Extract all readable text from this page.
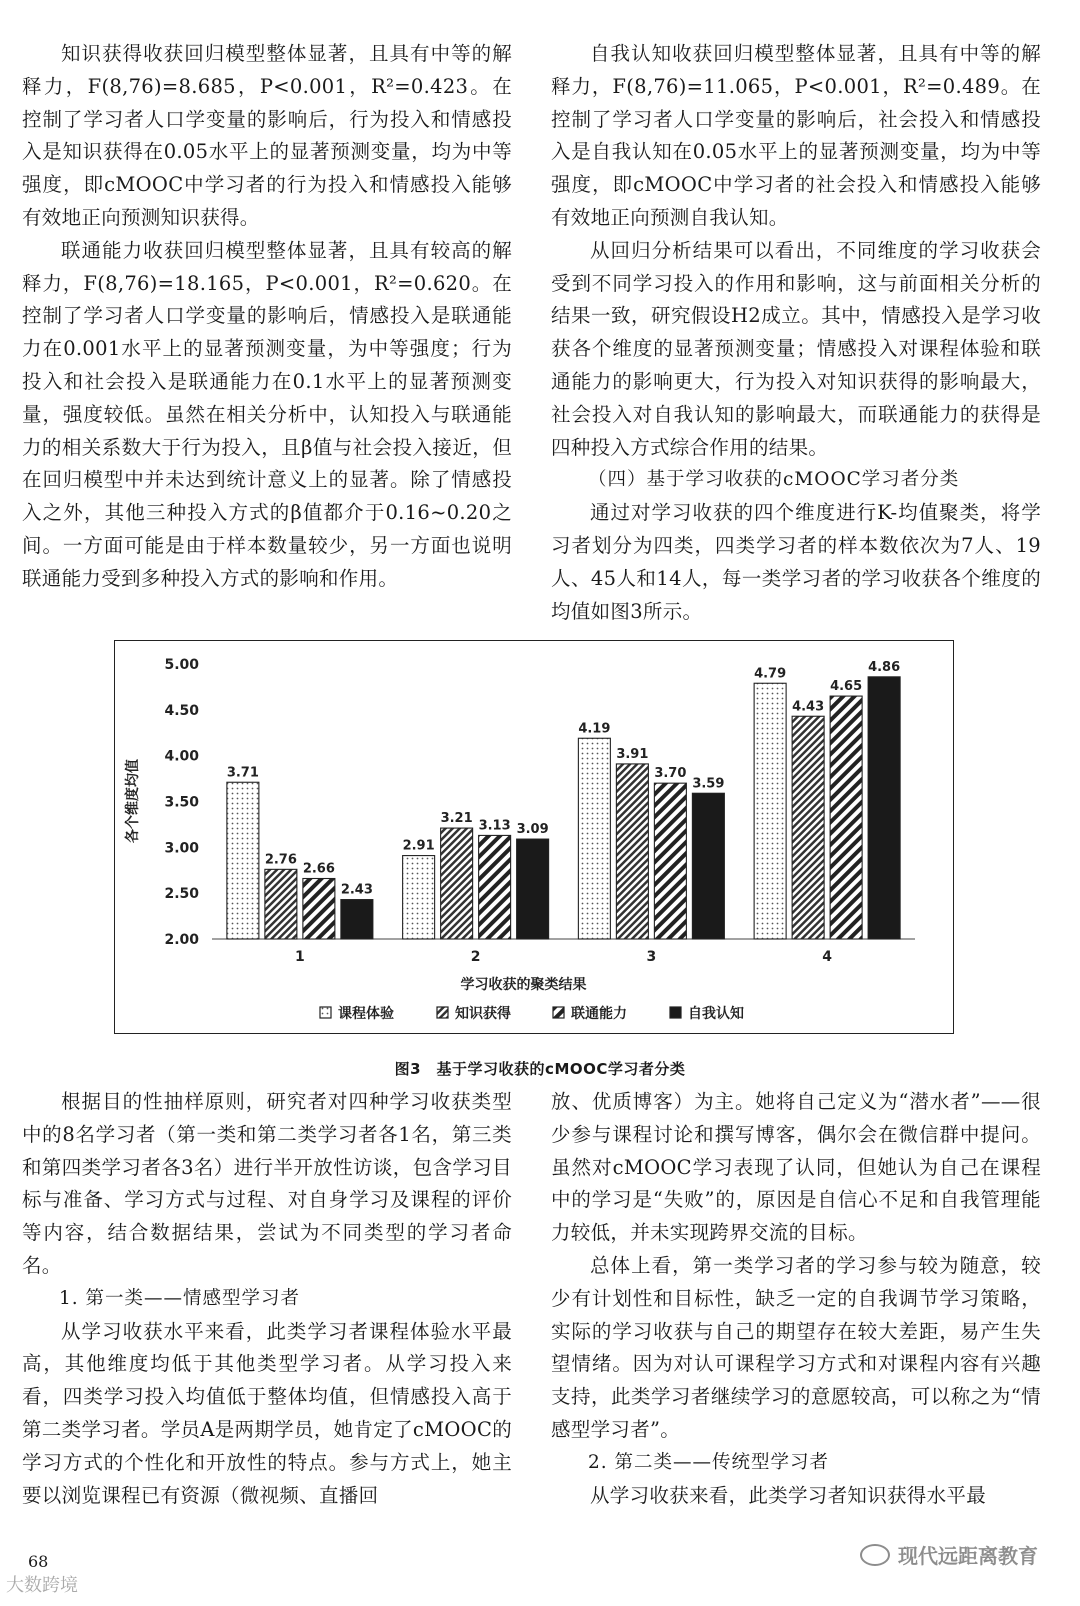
知识获得收获回归模型整体显著，且具有中等的解释力，F(8,76)=8.685，P<0.001，R²=0.423。在控制了学习者人口学变量的影响后，行为投入和情感投入是知识获得在0.05水平上的显著预测变量，均为中等强度，即cMOOC中学习者的行为投入和情感投入能够有效地正向预测知识获得。

联通能力收获回归模型整体显著，且具有较高的解释力，F(8,76)=18.165，P<0.001，R²=0.620。在控制了学习者人口学变量的影响后，情感投入是联通能力在0.001水平上的显著预测变量，为中等强度；行为投入和社会投入是联通能力在0.1水平上的显著预测变量，强度较低。虽然在相关分析中，认知投入与联通能力的相关系数大于行为投入，且β值与社会投入接近，但在回归模型中并未达到统计意义上的显著。除了情感投入之外，其他三种投入方式的β值都介于0.16~0.20之间。一方面可能是由于样本数量较少，另一方面也说明联通能力受到多种投入方式的影响和作用。

自我认知收获回归模型整体显著，且具有中等的解释力，F(8,76)=11.065，P<0.001，R²=0.489。在控制了学习者人口学变量的影响后，社会投入和情感投入是自我认知在0.05水平上的显著预测变量，均为中等强度，即cMOOC中学习者的社会投入和情感投入能够有效地正向预测自我认知。

从回归分析结果可以看出，不同维度的学习收获会受到不同学习投入的作用和影响，这与前面相关分析的结果一致，研究假设H2成立。其中，情感投入是学习收获各个维度的显著预测变量；情感投入对课程体验和联通能力的影响更大，行为投入对知识获得的影响最大，社会投入对自我认知的影响最大，而联通能力的获得是四种投入方式综合作用的结果。

（四）基于学习收获的cMOOC学习者分类

通过对学习收获的四个维度进行K-均值聚类，将学习者划分为四类，四类学习者的样本数依次为7人、19人、45人和14人，每一类学习者的学习收获各个维度的均值如图3所示。

2.00
2.50
3.00
3.50
4.00
4.50
5.00
各个维度均值	3.71
2.76
2.66
2.43
1
2.91
3.21 3.13 3.09
2
4.19
3.91
3.70
3.59
3
4.79
4.43
4.65
4.86
4
学习收获的聚类结果
课程体验	知识获得	联通能力	自我认知
图3　基于学习收获的cMOOC学习者分类

根据目的性抽样原则，研究者对四种学习收获类型中的8名学习者（第一类和第二类学习者各1名，第三类和第四类学习者各3名）进行半开放性访谈，包含学习目标与准备、学习方式与过程、对自身学习及课程的评价等内容，结合数据结果，尝试为不同类型的学习者命名。

1. 第一类——情感型学习者

从学习收获水平来看，此类学习者课程体验水平最高，其他维度均低于其他类型学习者。从学习投入来看，四类学习投入均值低于整体均值，但情感投入高于第二类学习者。学员A是两期学员，她肯定了cMOOC的学习方式的个性化和开放性的特点。参与方式上，她主要以浏览课程已有资源（微视频、直播回

放、优质博客）为主。她将自己定义为“潜水者”——很少参与课程讨论和撰写博客，偶尔会在微信群中提问。虽然对cMOOC学习表现了认同，但她认为自己在课程中的学习是“失败”的，原因是自信心不足和自我管理能力较低，并未实现跨界交流的目标。

总体上看，第一类学习者的学习参与较为随意，较少有计划性和目标性，缺乏一定的自我调节学习策略，实际的学习收获与自己的期望存在较大差距，易产生失望情绪。因为对认可课程学习方式和对课程内容有兴趣支持，此类学习者继续学习的意愿较高，可以称之为“情感型学习者”。

2. 第二类——传统型学习者

从学习收获来看，此类学习者知识获得水平最

68
大数跨境
现代远距离教育
